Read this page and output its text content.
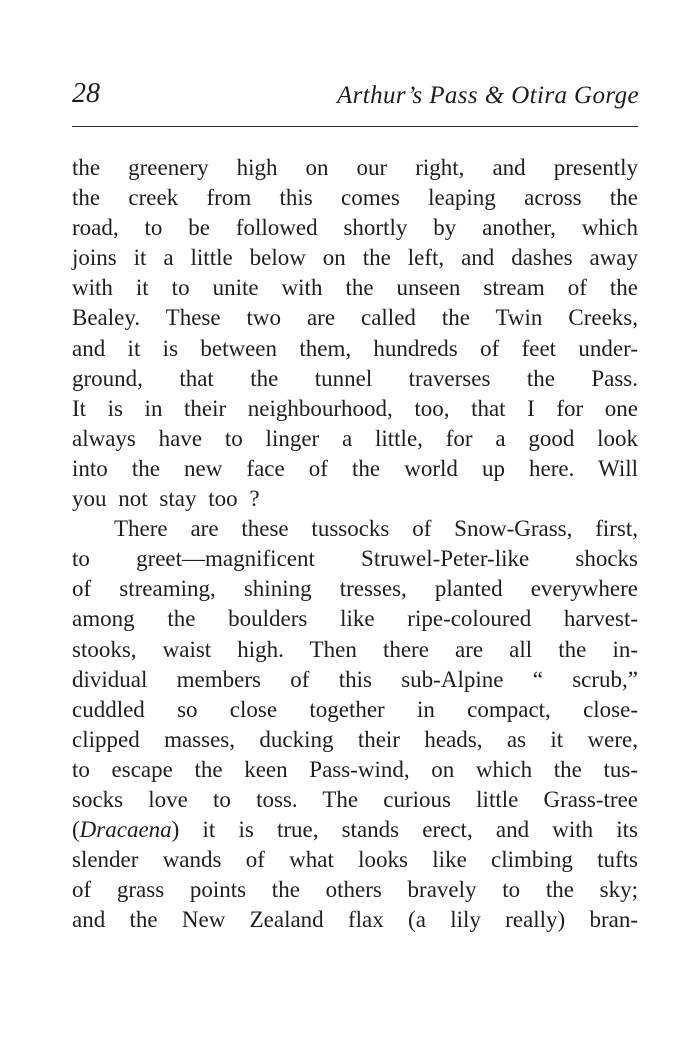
28	Arthur’s Pass & Otira Gorge
the greenery high on our right, and presently
the creek from this comes leaping across the
road, to be followed shortly by another, which
joins it a little below on the left, and dashes away
with it to unite with the unseen stream of the
Bealey. These two are called the Twin Creeks,
and it is between them, hundreds of feet under-
ground, that the tunnel traverses the Pass.
It is in their neighbourhood, too, that I for one
always have to linger a little, for a good look
into the new face of the world up here. Will
you not stay too ?
There are these tussocks of Snow-Grass, first,
to greet—magnificent Struwel-Peter-like shocks
of streaming, shining tresses, planted everywhere
among the boulders like ripe-coloured harvest-
stooks, waist high. Then there are all the in-
dividual members of this sub-Alpine “ scrub,”
cuddled so close together in compact, close-
clipped masses, ducking their heads, as it were,
to escape the keen Pass-wind, on which the tus-
socks love to toss. The curious little Grass-tree
(Dracaena) it is true, stands erect, and with its
slender wands of what looks like climbing tufts
of grass points the others bravely to the sky;
and the New Zealand flax (a lily really) bran-
